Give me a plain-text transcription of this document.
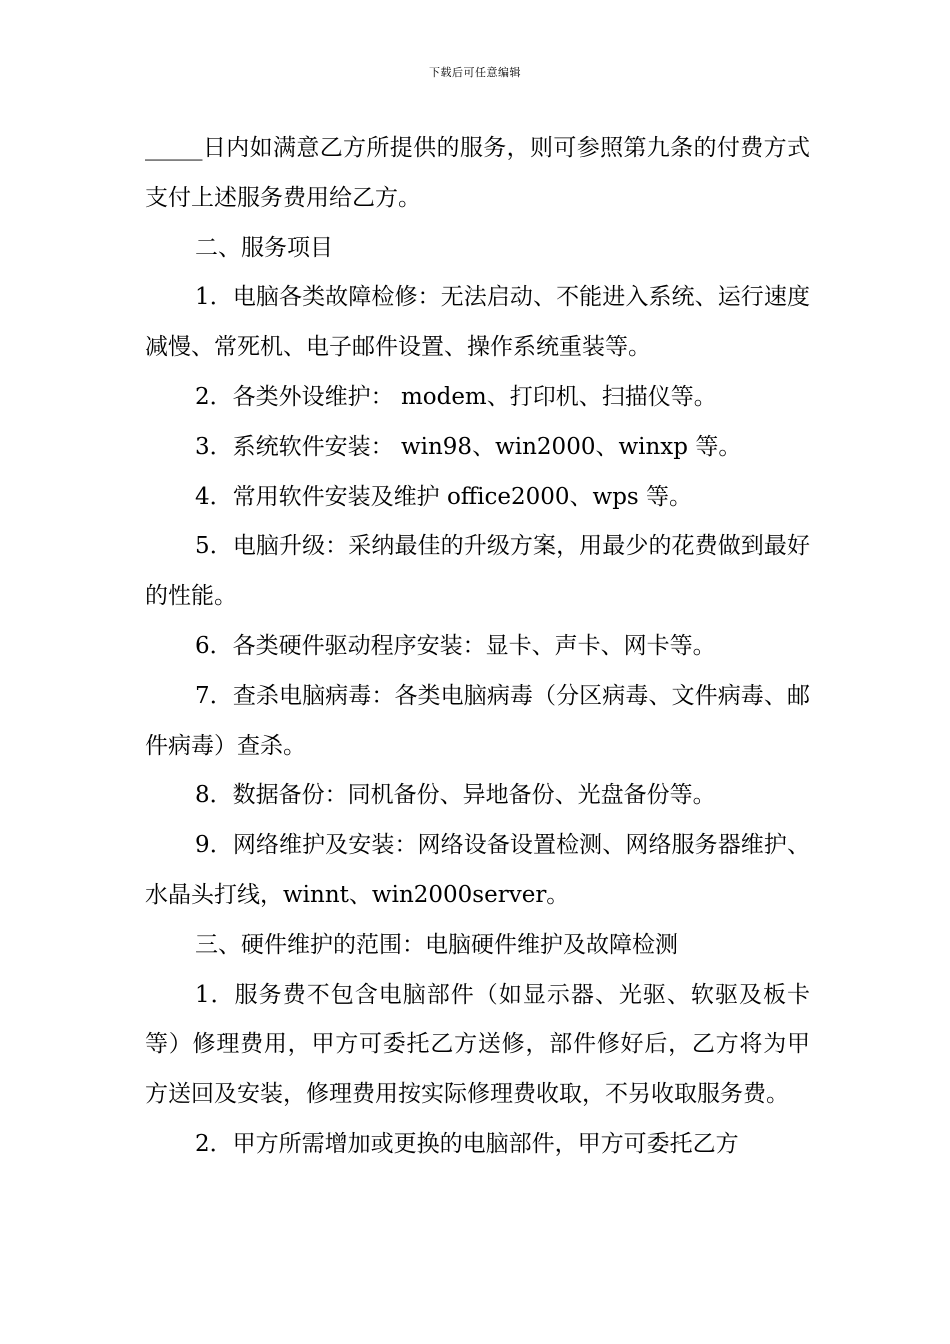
下载后可任意编辑

_____日内如满意乙方所提供的服务，则可参照第九条的付费方式支付上述服务费用给乙方。

二、服务项目

1．电脑各类故障检修：无法启动、不能进入系统、运行速度减慢、常死机、电子邮件设置、操作系统重装等。

2．各类外设维护： modem、打印机、扫描仪等。

3．系统软件安装： win98、win2000、winxp 等。

4．常用软件安装及维护 office2000、wps 等。

5．电脑升级：采纳最佳的升级方案，用最少的花费做到最好的性能。

6．各类硬件驱动程序安装：显卡、声卡、网卡等。

7．查杀电脑病毒：各类电脑病毒（分区病毒、文件病毒、邮件病毒）查杀。

8．数据备份：同机备份、异地备份、光盘备份等。

9．网络维护及安装：网络设备设置检测、网络服务器维护、水晶头打线，winnt、win2000server。

三、硬件维护的范围：电脑硬件维护及故障检测

1．服务费不包含电脑部件（如显示器、光驱、软驱及板卡等）修理费用，甲方可委托乙方送修，部件修好后，乙方将为甲方送回及安装，修理费用按实际修理费收取，不另收取服务费。

2．甲方所需增加或更换的电脑部件，甲方可委托乙方
